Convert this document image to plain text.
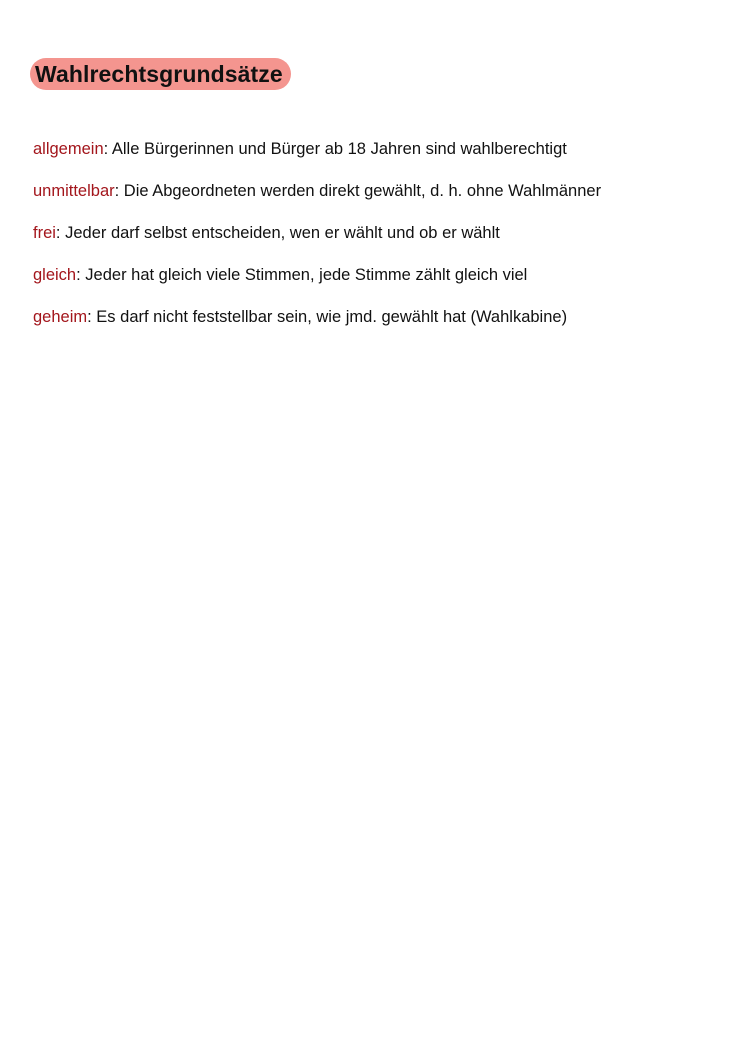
Wahlrechtsgrundsätze
allgemein: Alle Bürgerinnen und Bürger ab 18 Jahren sind wahlberechtigt
unmittelbar: Die Abgeordneten werden direkt gewählt, d. h. ohne Wahlmänner
frei: Jeder darf selbst entscheiden, wen er wählt und ob er wählt
gleich: Jeder hat gleich viele Stimmen, jede Stimme zählt gleich viel
geheim: Es darf nicht feststellbar sein, wie jmd. gewählt hat (Wahlkabine)
